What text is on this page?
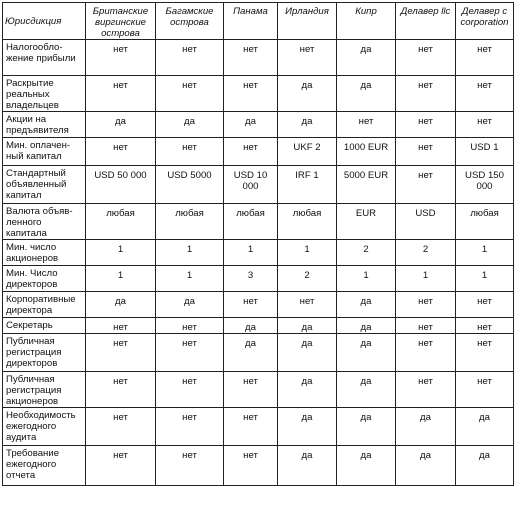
Юрисдикция	Британские виргинские острова	Багамские острова	Панама	Ирландия	Кипр	Делавер llc	Делавер с corporation
Налогообложение прибыли	нет	нет	нет	нет	да	нет	нет
Раскрытие реальных владельцев	нет	нет	нет	да	да	нет	нет
Акции на предъявителя	да	да	да	да	нет	нет	нет
Мин. оплаченный капитал	нет	нет	нет	UKF 2	1000 EUR	нет	USD 1
Стандартный объявленный капитал	USD 50 000	USD 5000	USD 10 000	IRF 1	5000 EUR	нет	USD 150 000
Валюта объявленного капитала	любая	любая	любая	любая	EUR	USD	любая
Мин. число акционеров	1	1	1	1	2	2	1
Мин. Число директоров	1	1	3	2	1	1	1
Корпоративные директора	да	да	нет	нет	да	нет	нет
Секретарь	нет	нет	да	да	да	нет	нет
Публичная регистрация директоров	нет	нет	да	да	да	нет	нет
Публичная регистрация акционеров	нет	нет	нет	да	да	нет	нет
Необходимость ежегодного аудита	нет	нет	нет	да	да	да	да
Требование ежегодного отчета	нет	нет	нет	да	да	да	да
